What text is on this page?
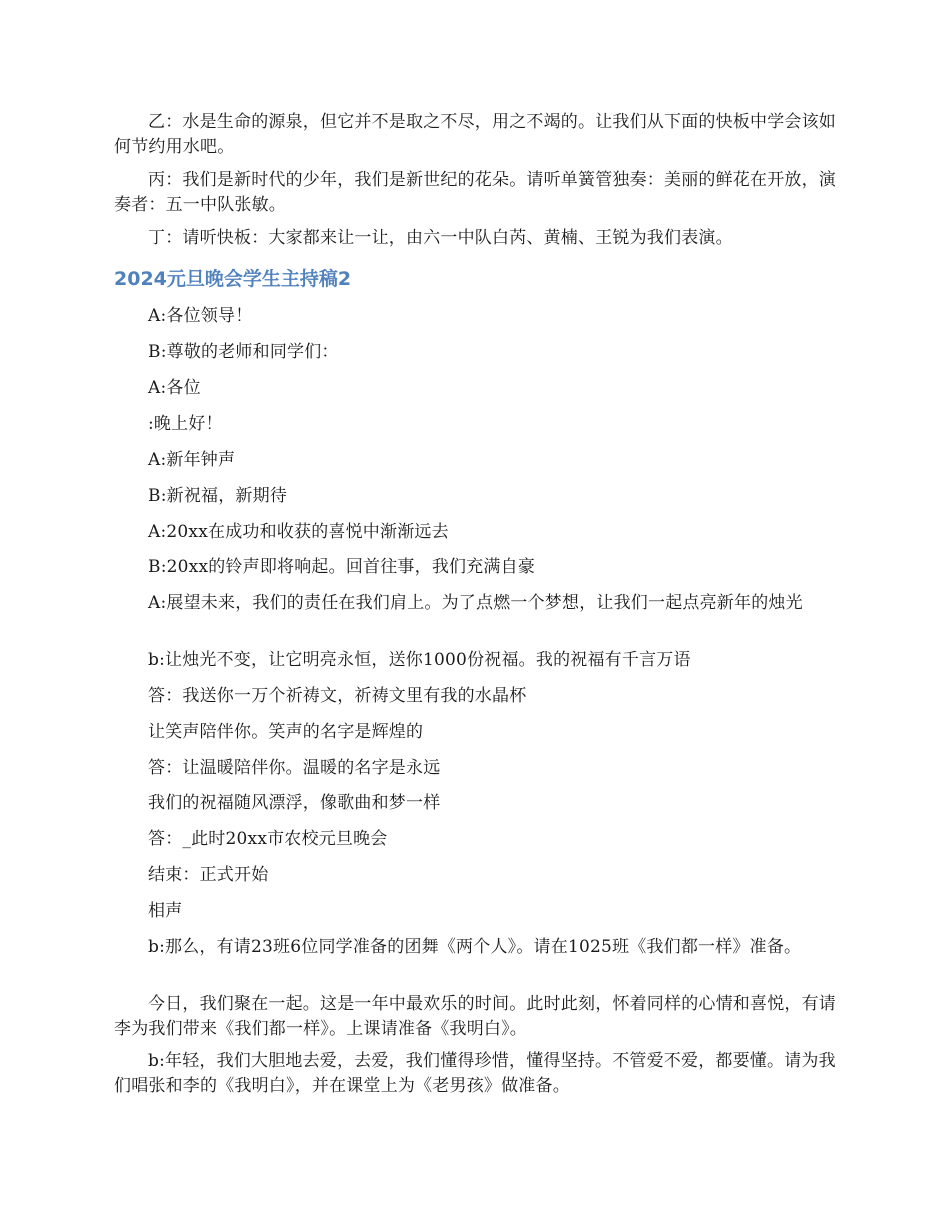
乙：水是生命的源泉，但它并不是取之不尽，用之不竭的。让我们从下面的快板中学会该如何节约用水吧。

丙：我们是新时代的少年，我们是新世纪的花朵。请听单簧管独奏：美丽的鲜花在开放，演奏者：五一中队张敏。

丁：请听快板：大家都来让一让，由六一中队白芮、黄楠、王锐为我们表演。

2024元旦晚会学生主持稿2

A:各位领导！

B:尊敬的老师和同学们：

A:各位

:晚上好！

A:新年钟声

B:新祝福，新期待

A:20xx在成功和收获的喜悦中渐渐远去

B:20xx的铃声即将响起。回首往事，我们充满自豪

A:展望未来，我们的责任在我们肩上。为了点燃一个梦想，让我们一起点亮新年的烛光

b:让烛光不变，让它明亮永恒，送你1000份祝福。我的祝福有千言万语

答：我送你一万个祈祷文，祈祷文里有我的水晶杯

让笑声陪伴你。笑声的名字是辉煌的

答：让温暖陪伴你。温暖的名字是永远

我们的祝福随风漂浮，像歌曲和梦一样

答：_此时20xx市农校元旦晚会

结束：正式开始

相声

b:那么，有请23班6位同学准备的团舞《两个人》。请在1025班《我们都一样》准备。

今日，我们聚在一起。这是一年中最欢乐的时间。此时此刻，怀着同样的心情和喜悦，有请李为我们带来《我们都一样》。上课请准备《我明白》。

b:年轻，我们大胆地去爱，去爱，我们懂得珍惜，懂得坚持。不管爱不爱，都要懂。请为我们唱张和李的《我明白》，并在课堂上为《老男孩》做准备。
